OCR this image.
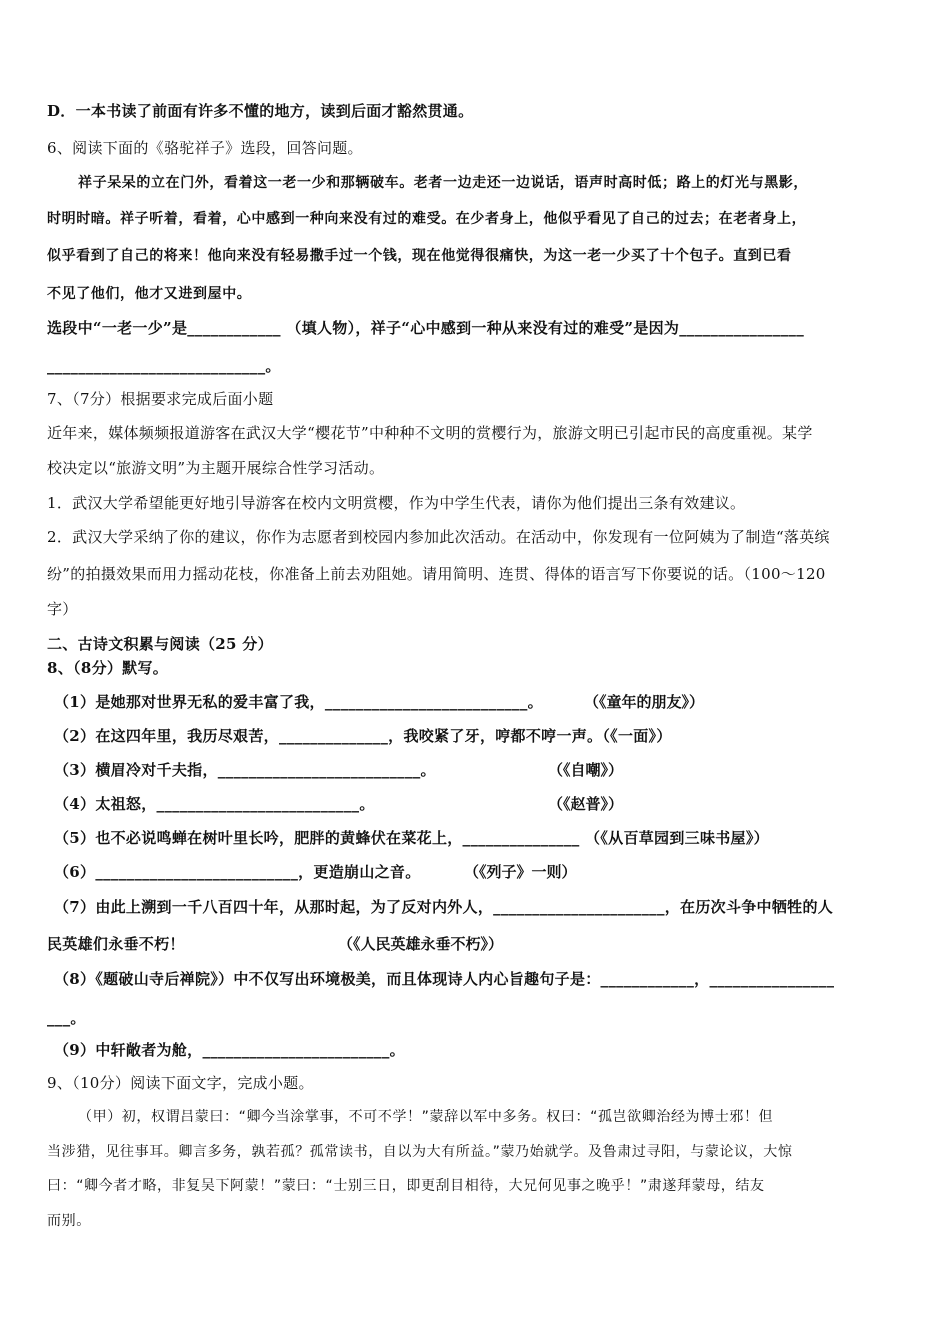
D．一本书读了前面有许多不懂的地方，读到后面才豁然贯通。
6、阅读下面的《骆驼祥子》选段，回答问题。
祥子呆呆的立在门外，看着这一老一少和那辆破车。老者一边走还一边说话，语声时高时低；路上的灯光与黑影，
时明时暗。祥子听着，看着，心中感到一种向来没有过的难受。在少者身上，他似乎看见了自己的过去；在老者身上，
似乎看到了自己的将来！他向来没有轻易撒手过一个钱，现在他觉得很痛快，为这一老一少买了十个包子。直到已看
不见了他们，他才又进到屋中。
选段中“一老一少”是____________ （填人物），祥子“心中感到一种从来没有过的难受”是因为________________
____________________________。
7、（7分）根据要求完成后面小题
近年来，媒体频频报道游客在武汉大学“樱花节”中种种不文明的赏樱行为，旅游文明已引起市民的高度重视。某学
校决定以“旅游文明”为主题开展综合性学习活动。
1．武汉大学希望能更好地引导游客在校内文明赏樱，作为中学生代表，请你为他们提出三条有效建议。
2．武汉大学采纳了你的建议，你作为志愿者到校园内参加此次活动。在活动中，你发现有一位阿姨为了制造“落英缤
纷”的拍摄效果而用力摇动花枝，你准备上前去劝阻她。请用简明、连贯、得体的语言写下你要说的话。（100～120
字）
二、古诗文积累与阅读（25 分）
8、（8分）默写。
（1）是她那对世界无私的爱丰富了我，__________________________。	（《童年的朋友》）
（2）在这四年里，我历尽艰苦，______________，我咬紧了牙，哼都不哼一声。（《一面》）
（3）横眉冷对千夫指，__________________________。	（《自嘲》）
（4）太祖怒，__________________________。	（《赵普》）
（5）也不必说鸣蝉在树叶里长吟，肥胖的黄蜂伏在菜花上，_______________ （《从百草园到三味书屋》）
（6）__________________________，更造崩山之音。	（《列子》一则）
（7）由此上溯到一千八百四十年，从那时起，为了反对内外人，______________________，在历次斗争中牺牲的人
民英雄们永垂不朽！	（《人民英雄永垂不朽》）
（8）《题破山寺后禅院》）中不仅写出环境极美，而且体现诗人内心旨趣句子是：____________，________________
___。
（9）中轩敞者为舱，________________________。
9、（10分）阅读下面文字，完成小题。
（甲）初，权谓吕蒙曰：“卿今当涂掌事，不可不学！”蒙辞以军中多务。权曰：“孤岂欲卿治经为博士邪！但
当涉猎，见往事耳。卿言多务，孰若孤？孤常读书，自以为大有所益。”蒙乃始就学。及鲁肃过寻阳，与蒙论议，大惊
曰：“卿今者才略，非复吴下阿蒙！”蒙曰：“士别三日，即更刮目相待，大兄何见事之晚乎！”肃遂拜蒙母，结友
而别。
